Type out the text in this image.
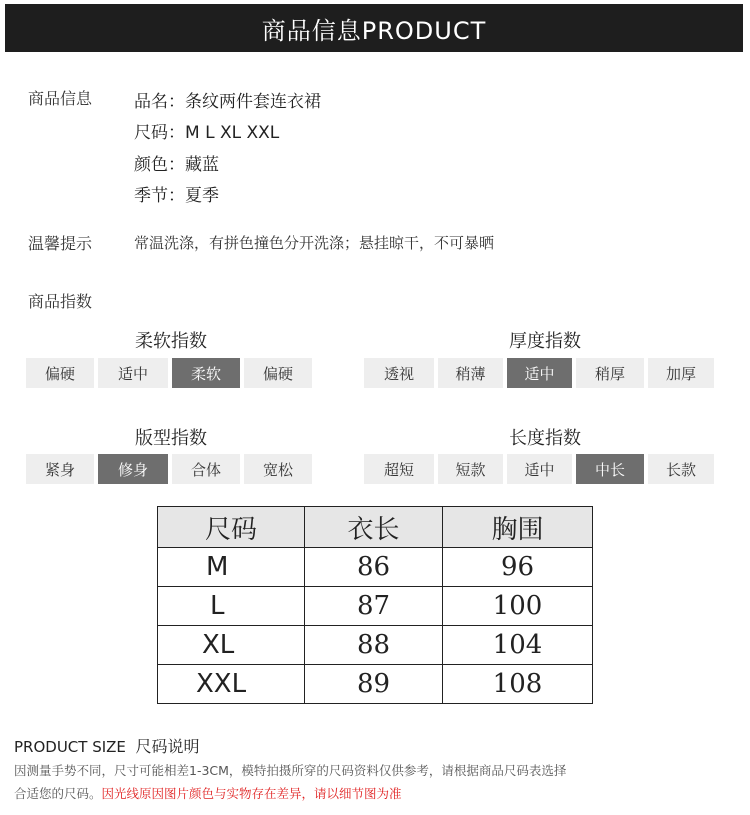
商品信息PRODUCT
商品信息 品名：条纹两件套连衣裙
尺码：M L XL XXL
颜色：藏蓝
季节：夏季
温馨提示	常温洗涤，有拼色撞色分开洗涤；悬挂晾干，不可暴晒
商品指数
柔软指数
偏硬	适中	柔软	偏硬
厚度指数
透视	稍薄	适中	稍厚	加厚
版型指数
紧身	修身	合体	宽松
长度指数
超短	短款	适中	中长	长款
尺码	衣长	胸围
M	86	96
L	87	100
XL	88	104
XXL	89	108
PRODUCT SIZE 尺码说明
因测量手势不同，尺寸可能相差1-3CM，模特拍摄所穿的尺码资料仅供参考，请根据商品尺码表选择
合适您的尺码。因光线原因图片颜色与实物存在差异，请以细节图为准
